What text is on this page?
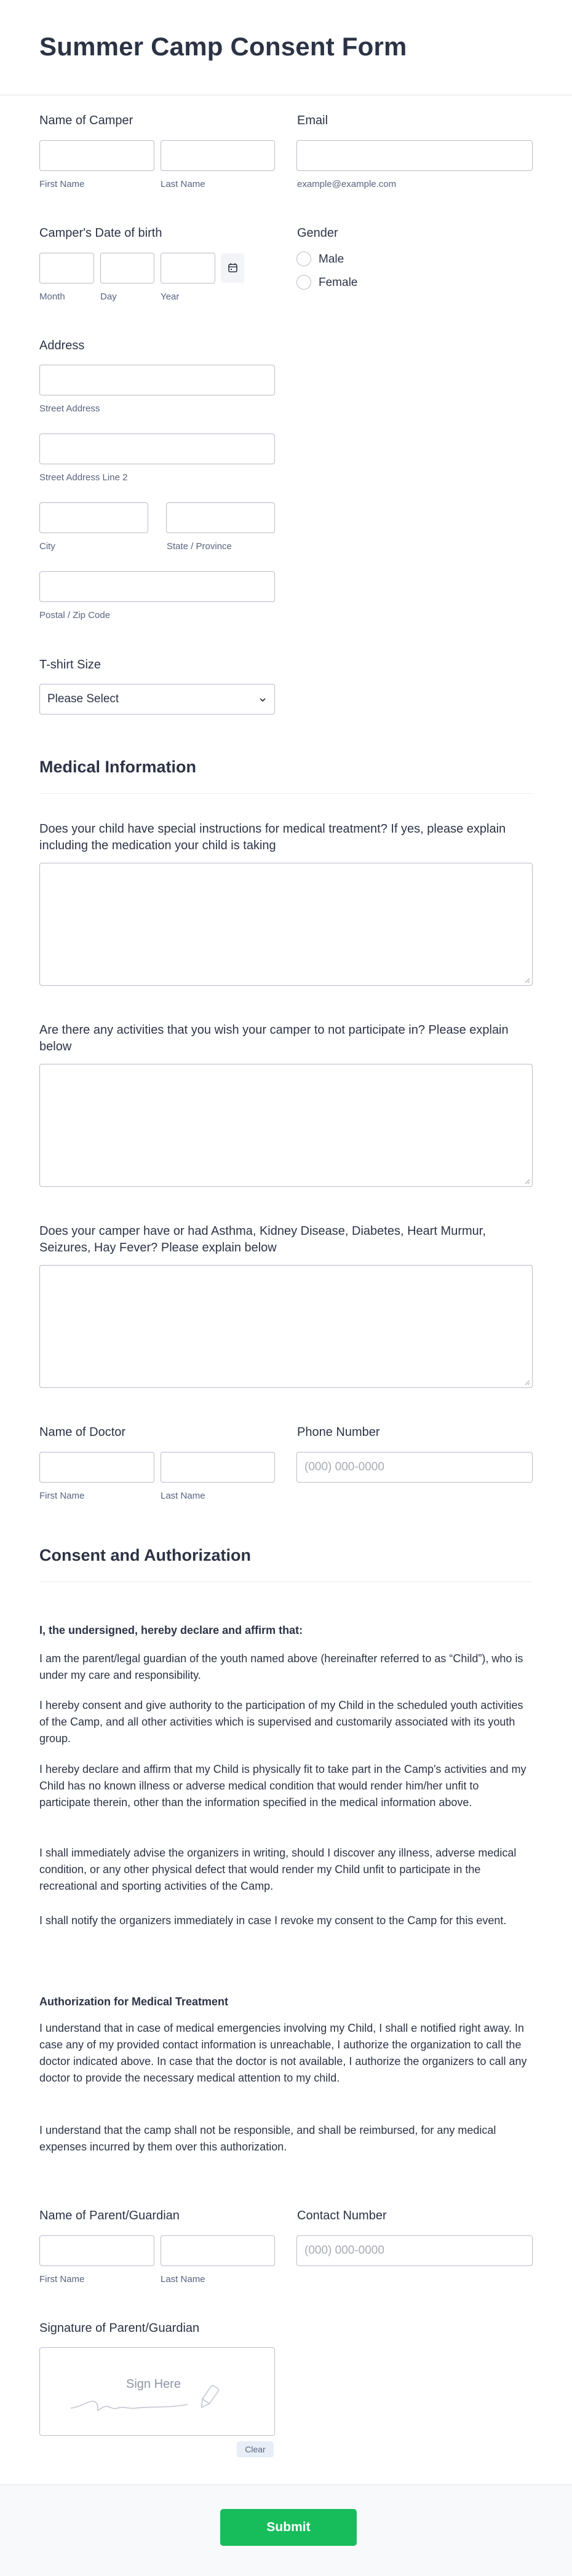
Summer Camp Consent Form
Name of Camper
First Name	Last Name
Email
example@example.com
Camper's Date of birth
Month	Day	Year
Gender
Male
Female
Address
Street Address
Street Address Line 2
City	State / Province
Postal / Zip Code
T-shirt Size
Please Select
Medical Information
Does your child have special instructions for medical treatment? If yes, please explain including the medication your child is taking
Are there any activities that you wish your camper to not participate in? Please explain below
Does your camper have or had Asthma, Kidney Disease, Diabetes, Heart Murmur, Seizures, Hay Fever? Please explain below
Name of Doctor
First Name	Last Name
Phone Number
(000) 000-0000
Consent and Authorization
I, the undersigned, hereby declare and affirm that:
I am the parent/legal guardian of the youth named above (hereinafter referred to as “Child”), who is under my care and responsibility.
I hereby consent and give authority to the participation of my Child in the scheduled youth activities of the Camp, and all other activities which is supervised and customarily associated with its youth group.
I hereby declare and affirm that my Child is physically fit to take part in the Camp's activities and my Child has no known illness or adverse medical condition that would render him/her unfit to participate therein, other than the information specified in the medical information above.
I shall immediately advise the organizers in writing, should I discover any illness, adverse medical condition, or any other physical defect that would render my Child unfit to participate in the recreational and sporting activities of the Camp.
I shall notify the organizers immediately in case I revoke my consent to the Camp for this event.
Authorization for Medical Treatment
I understand that in case of medical emergencies involving my Child, I shall e notified right away. In case any of my provided contact information is unreachable, I authorize the organization to call the doctor indicated above. In case that the doctor is not available, I authorize the organizers to call any doctor to provide the necessary medical attention to my child.
I understand that the camp shall not be responsible, and shall be reimbursed, for any medical expenses incurred by them over this authorization.
Name of Parent/Guardian
First Name	Last Name
Contact Number
(000) 000-0000
Signature of Parent/Guardian
Sign Here
Clear
Submit
